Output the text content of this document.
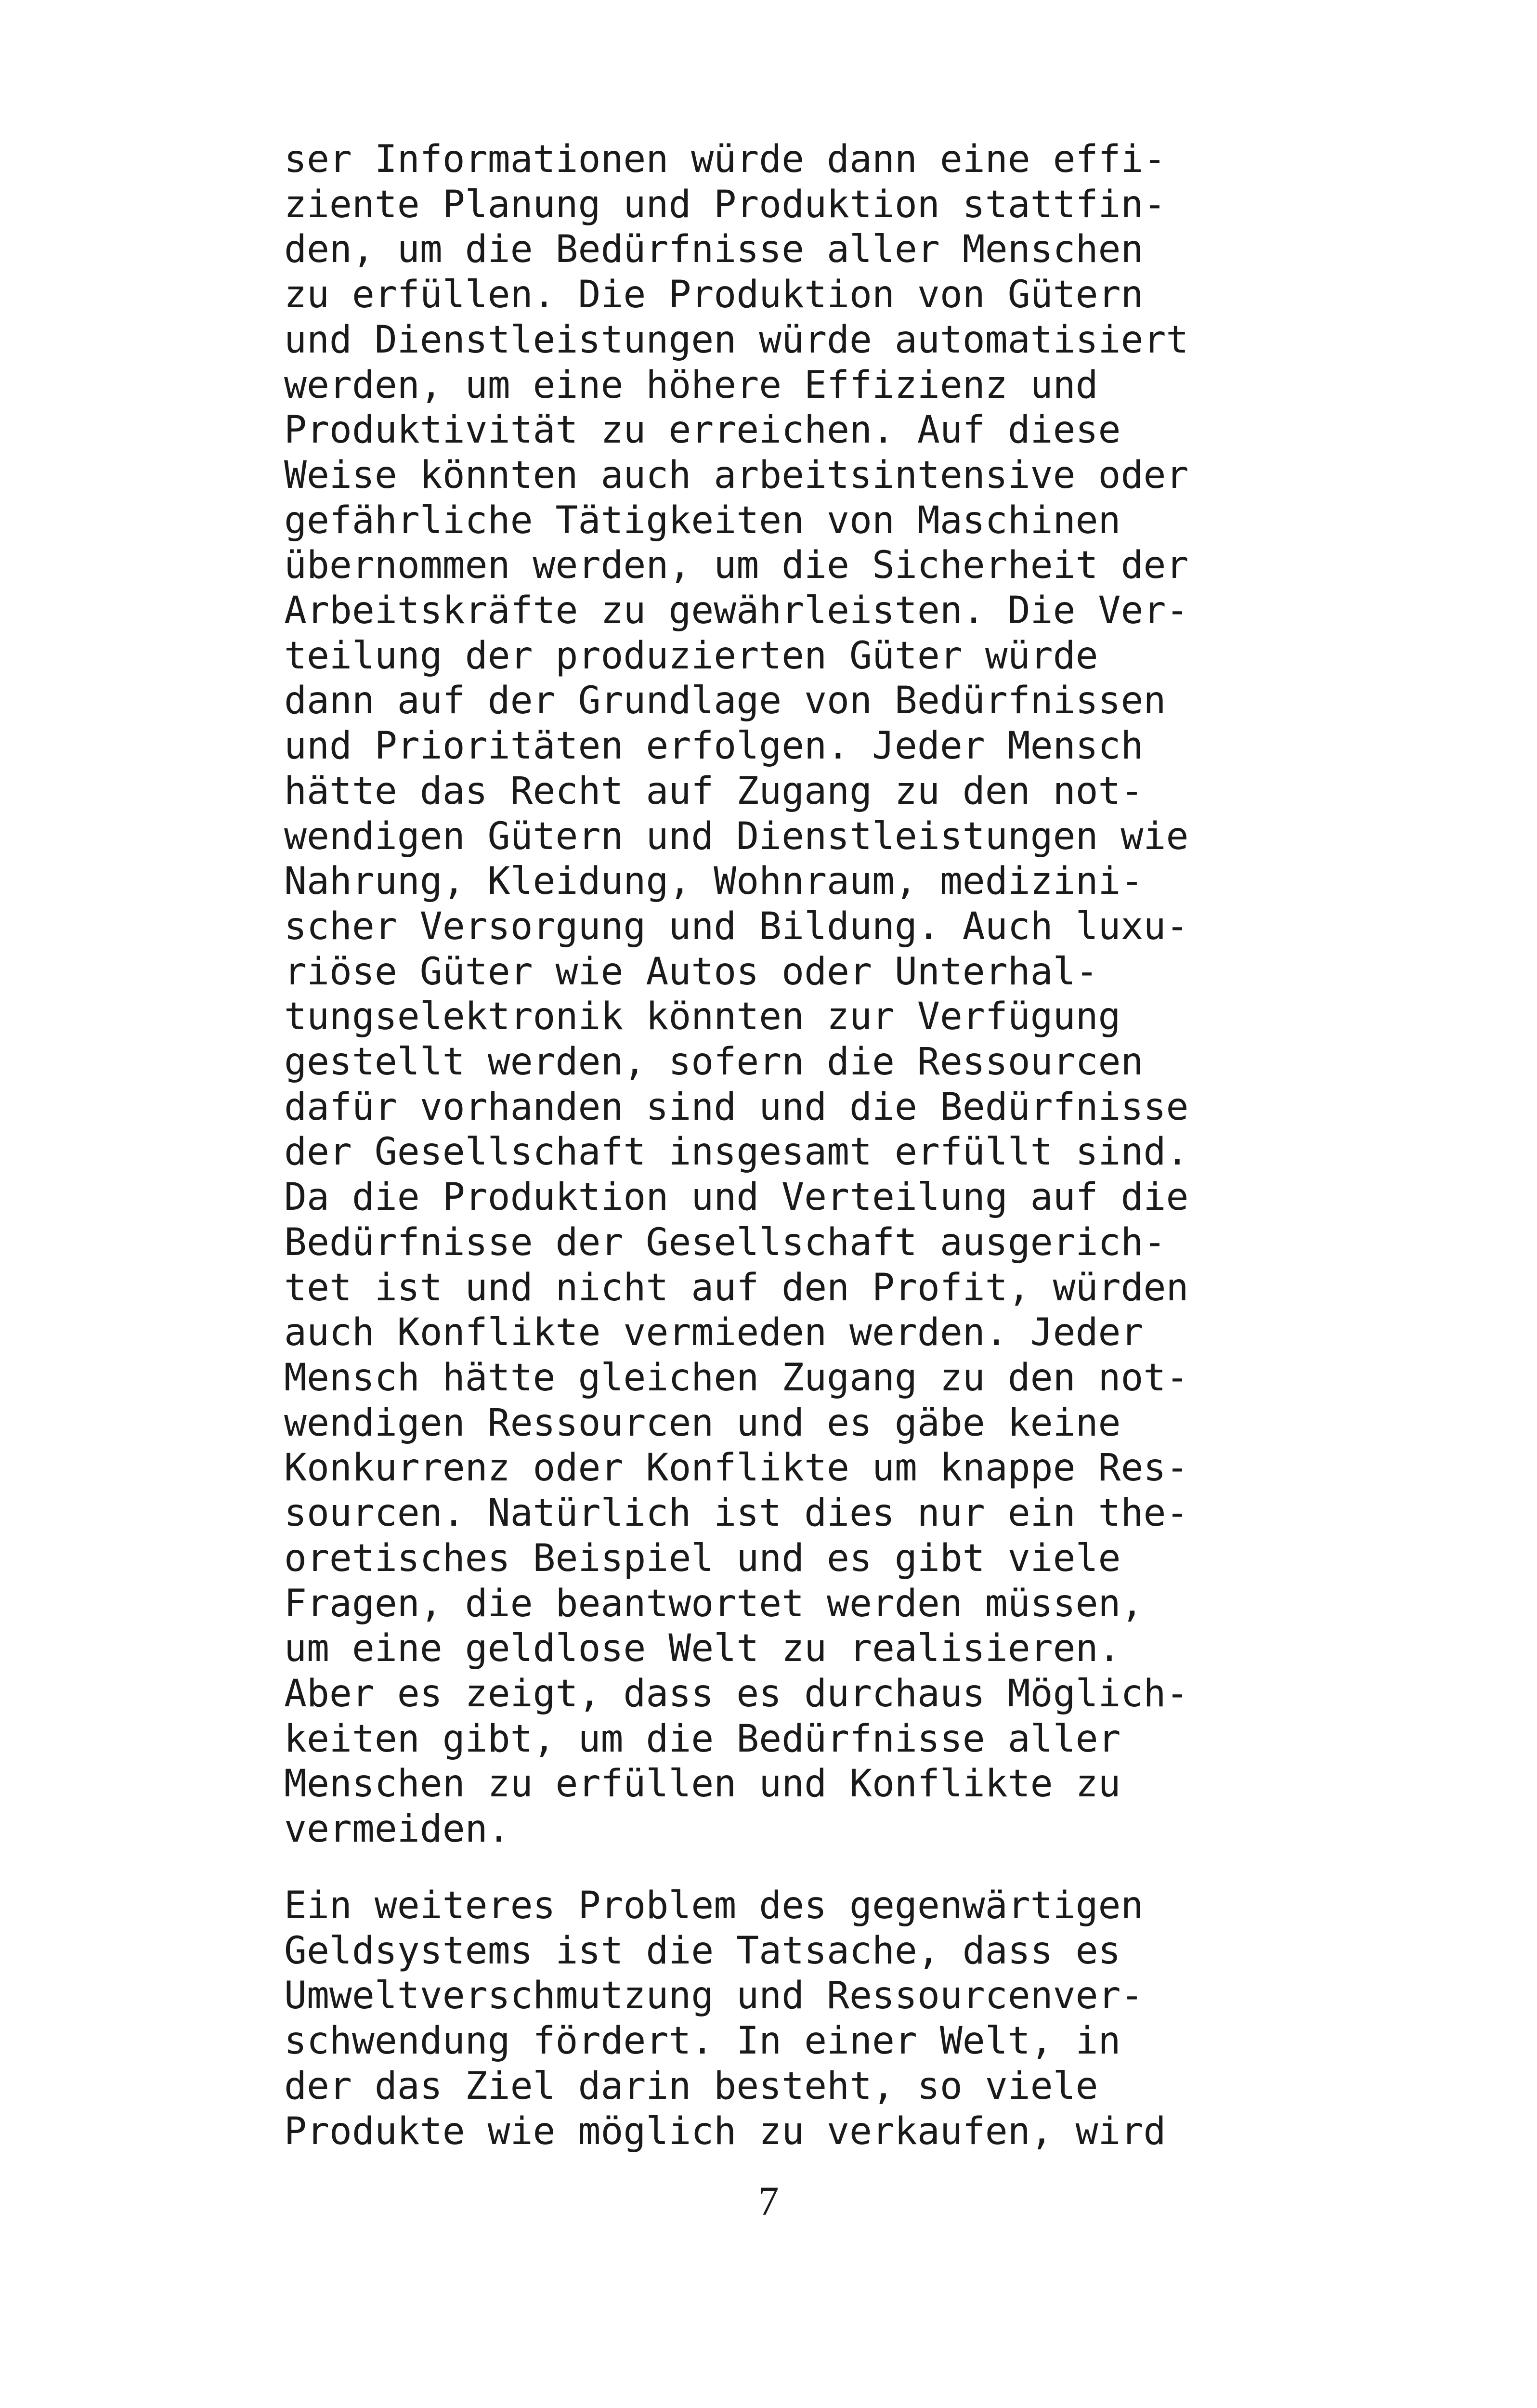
ser Informationen würde dann eine effi-
ziente Planung und Produktion stattfin-
den, um die Bedürfnisse aller Menschen
zu erfüllen. Die Produktion von Gütern
und Dienstleistungen würde automatisiert
werden, um eine höhere Effizienz und
Produktivität zu erreichen. Auf diese
Weise könnten auch arbeitsintensive oder
gefährliche Tätigkeiten von Maschinen
übernommen werden, um die Sicherheit der
Arbeitskräfte zu gewährleisten. Die Ver-
teilung der produzierten Güter würde
dann auf der Grundlage von Bedürfnissen
und Prioritäten erfolgen. Jeder Mensch
hätte das Recht auf Zugang zu den not-
wendigen Gütern und Dienstleistungen wie
Nahrung, Kleidung, Wohnraum, medizini-
scher Versorgung und Bildung. Auch luxu-
riöse Güter wie Autos oder Unterhal-
tungselektronik könnten zur Verfügung
gestellt werden, sofern die Ressourcen
dafür vorhanden sind und die Bedürfnisse
der Gesellschaft insgesamt erfüllt sind.
Da die Produktion und Verteilung auf die
Bedürfnisse der Gesellschaft ausgerich-
tet ist und nicht auf den Profit, würden
auch Konflikte vermieden werden. Jeder
Mensch hätte gleichen Zugang zu den not-
wendigen Ressourcen und es gäbe keine
Konkurrenz oder Konflikte um knappe Res-
sourcen. Natürlich ist dies nur ein the-
oretisches Beispiel und es gibt viele
Fragen, die beantwortet werden müssen,
um eine geldlose Welt zu realisieren.
Aber es zeigt, dass es durchaus Möglich-
keiten gibt, um die Bedürfnisse aller
Menschen zu erfüllen und Konflikte zu
vermeiden.

Ein weiteres Problem des gegenwärtigen
Geldsystems ist die Tatsache, dass es
Umweltverschmutzung und Ressourcenver-
schwendung fördert. In einer Welt, in
der das Ziel darin besteht, so viele
Produkte wie möglich zu verkaufen, wird

7
